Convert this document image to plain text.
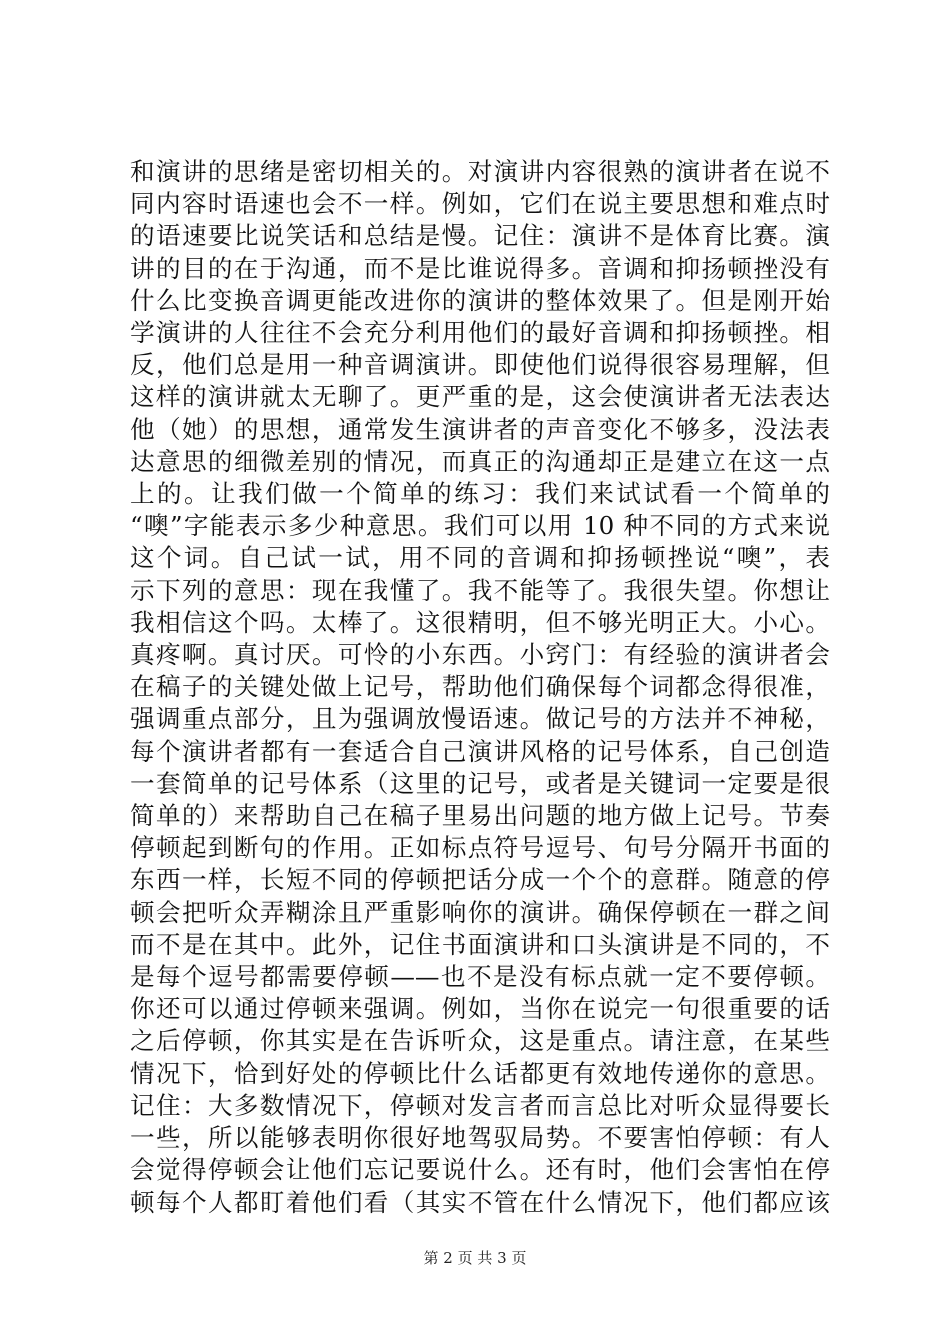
和演讲的思绪是密切相关的。对演讲内容很熟的演讲者在说不
同内容时语速也会不一样。例如，它们在说主要思想和难点时
的语速要比说笑话和总结是慢。记住：演讲不是体育比赛。演
讲的目的在于沟通，而不是比谁说得多。音调和抑扬顿挫没有
什么比变换音调更能改进你的演讲的整体效果了。但是刚开始
学演讲的人往往不会充分利用他们的最好音调和抑扬顿挫。相
反，他们总是用一种音调演讲。即使他们说得很容易理解，但
这样的演讲就太无聊了。更严重的是，这会使演讲者无法表达
他（她）的思想，通常发生演讲者的声音变化不够多，没法表
达意思的细微差别的情况，而真正的沟通却正是建立在这一点
上的。让我们做一个简单的练习：我们来试试看一个简单的
“噢”字能表示多少种意思。我们可以用 10 种不同的方式来说
这个词。自己试一试，用不同的音调和抑扬顿挫说“噢”，表
示下列的意思：现在我懂了。我不能等了。我很失望。你想让
我相信这个吗。太棒了。这很精明，但不够光明正大。小心。
真疼啊。真讨厌。可怜的小东西。小窍门：有经验的演讲者会
在稿子的关键处做上记号，帮助他们确保每个词都念得很准，
强调重点部分，且为强调放慢语速。做记号的方法并不神秘，
每个演讲者都有一套适合自己演讲风格的记号体系，自己创造
一套简单的记号体系（这里的记号，或者是关键词一定要是很
简单的）来帮助自己在稿子里易出问题的地方做上记号。节奏
停顿起到断句的作用。正如标点符号逗号、句号分隔开书面的
东西一样，长短不同的停顿把话分成一个个的意群。随意的停
顿会把听众弄糊涂且严重影响你的演讲。确保停顿在一群之间
而不是在其中。此外，记住书面演讲和口头演讲是不同的，不
是每个逗号都需要停顿——也不是没有标点就一定不要停顿。
你还可以通过停顿来强调。例如，当你在说完一句很重要的话
之后停顿，你其实是在告诉听众，这是重点。请注意，在某些
情况下，恰到好处的停顿比什么话都更有效地传递你的意思。
记住：大多数情况下，停顿对发言者而言总比对听众显得要长
一些，所以能够表明你很好地驾驭局势。不要害怕停顿：有人
会觉得停顿会让他们忘记要说什么。还有时，他们会害怕在停
顿每个人都盯着他们看（其实不管在什么情况下，他们都应该
第 2 页 共 3 页
